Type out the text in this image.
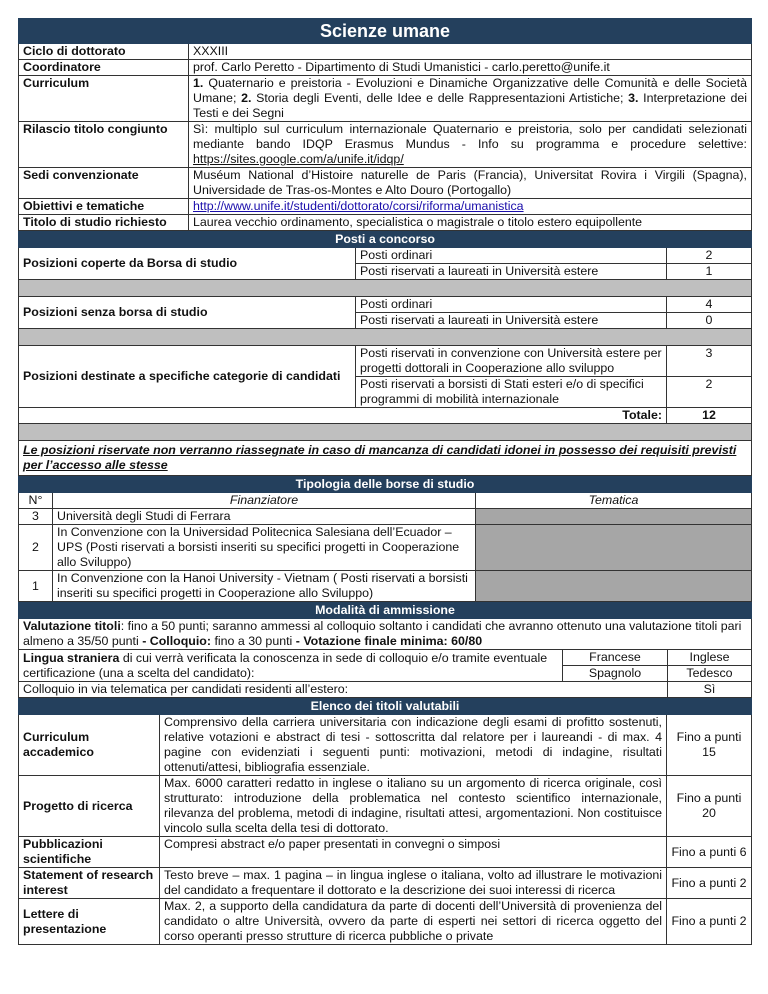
Scienze umane	
Ciclo di dottorato	XXXIII
Coordinatore	prof. Carlo Peretto - Dipartimento di Studi Umanistici - carlo.peretto@unife.it
Curriculum	1. Quaternario e preistoria - Evoluzioni e Dinamiche Organizzative delle Comunità e delle Società Umane; 2. Storia degli Eventi, delle Idee e delle Rappresentazioni Artistiche; 3. Interpretazione dei Testi e dei Segni
Rilascio titolo congiunto	Sì: multiplo sul curriculum internazionale Quaternario e preistoria, solo per candidati selezionati mediante bando IDQP Erasmus Mundus - Info su programma e procedure selettive: https://sites.google.com/a/unife.it/idqp/
Sedi convenzionate	Muséum National d’Histoire naturelle de Paris (Francia), Universitat Rovira i Virgili (Spagna), Universidade de Tras-os-Montes e Alto Douro (Portogallo)
Obiettivi e tematiche	http://www.unife.it/studenti/dottorato/corsi/riforma/umanistica
Titolo di studio richiesto	Laurea vecchio ordinamento, specialistica o magistrale o titolo estero equipollente
Posti a concorso		
Posizioni coperte da Borsa di studio	Posti ordinari	2
	Posti riservati a laureati in Università estere	1

Posizioni senza borsa di studio	Posti ordinari	4
	Posti riservati a laureati in Università estere	0

Posizioni destinate a specifiche categorie di candidati	Posti riservati in convenzione con Università estere per progetti dottorali in Cooperazione allo sviluppo	3
	Posti riservati a borsisti di Stati esteri e/o di specifici programmi di mobilità internazionale	2
Totale:		12

Le posizioni riservate non verranno riassegnate in caso di mancanza di candidati idonei in possesso dei requisiti previsti per l’accesso alle stesse		
Tipologia delle borse di studio		
N°	Finanziatore	Tematica
3	Università degli Studi di Ferrara	
2	In Convenzione con la Universidad Politecnica Salesiana dell’Ecuador – UPS (Posti riservati a borsisti inseriti su specifici progetti in Cooperazione allo Sviluppo)	
1	In Convenzione con la Hanoi University - Vietnam ( Posti riservati a borsisti inseriti su specifici progetti in Cooperazione allo Sviluppo)	
Modalità di ammissione		
Valutazione titoli: fino a 50 punti; saranno ammessi al colloquio soltanto i candidati che avranno ottenuto una valutazione titoli pari almeno a 35/50 punti - Colloquio: fino a 30 punti - Votazione finale minima: 60/80		
Lingua straniera di cui verrà verificata la conoscenza in sede di colloquio e/o tramite eventuale certificazione (una a scelta del candidato):	Francese	Inglese
	Spagnolo	Tedesco
Colloquio in via telematica per candidati residenti all’estero:		Sì
Elenco dei titoli valutabili		
Curriculum accademico	Comprensivo della carriera universitaria con indicazione degli esami di profitto sostenuti, relative votazioni e abstract di tesi - sottoscritta dal relatore per i laureandi - di max. 4 pagine con evidenziati i seguenti punti: motivazioni, metodi di indagine, risultati ottenuti/attesi, bibliografia essenziale.	Fino a punti 15
Progetto di ricerca	Max. 6000 caratteri redatto in inglese o italiano su un argomento di ricerca originale, così strutturato: introduzione della problematica nel contesto scientifico internazionale, rilevanza del problema, metodi di indagine, risultati attesi, argomentazioni. Non costituisce vincolo sulla scelta della tesi di dottorato.	Fino a punti 20
Pubblicazioni scientifiche	Compresi abstract e/o paper presentati in convegni o simposi	Fino a punti 6
Statement of research interest	Testo breve – max. 1 pagina – in lingua inglese o italiana, volto ad illustrare le motivazioni del candidato a frequentare il dottorato e la descrizione dei suoi interessi di ricerca	Fino a punti 2
Lettere di presentazione	Max. 2, a supporto della candidatura da parte di docenti dell’Università di provenienza del candidato o altre Università, ovvero da parte di esperti nei settori di ricerca oggetto del corso operanti presso strutture di ricerca pubbliche o private	Fino a punti 2
